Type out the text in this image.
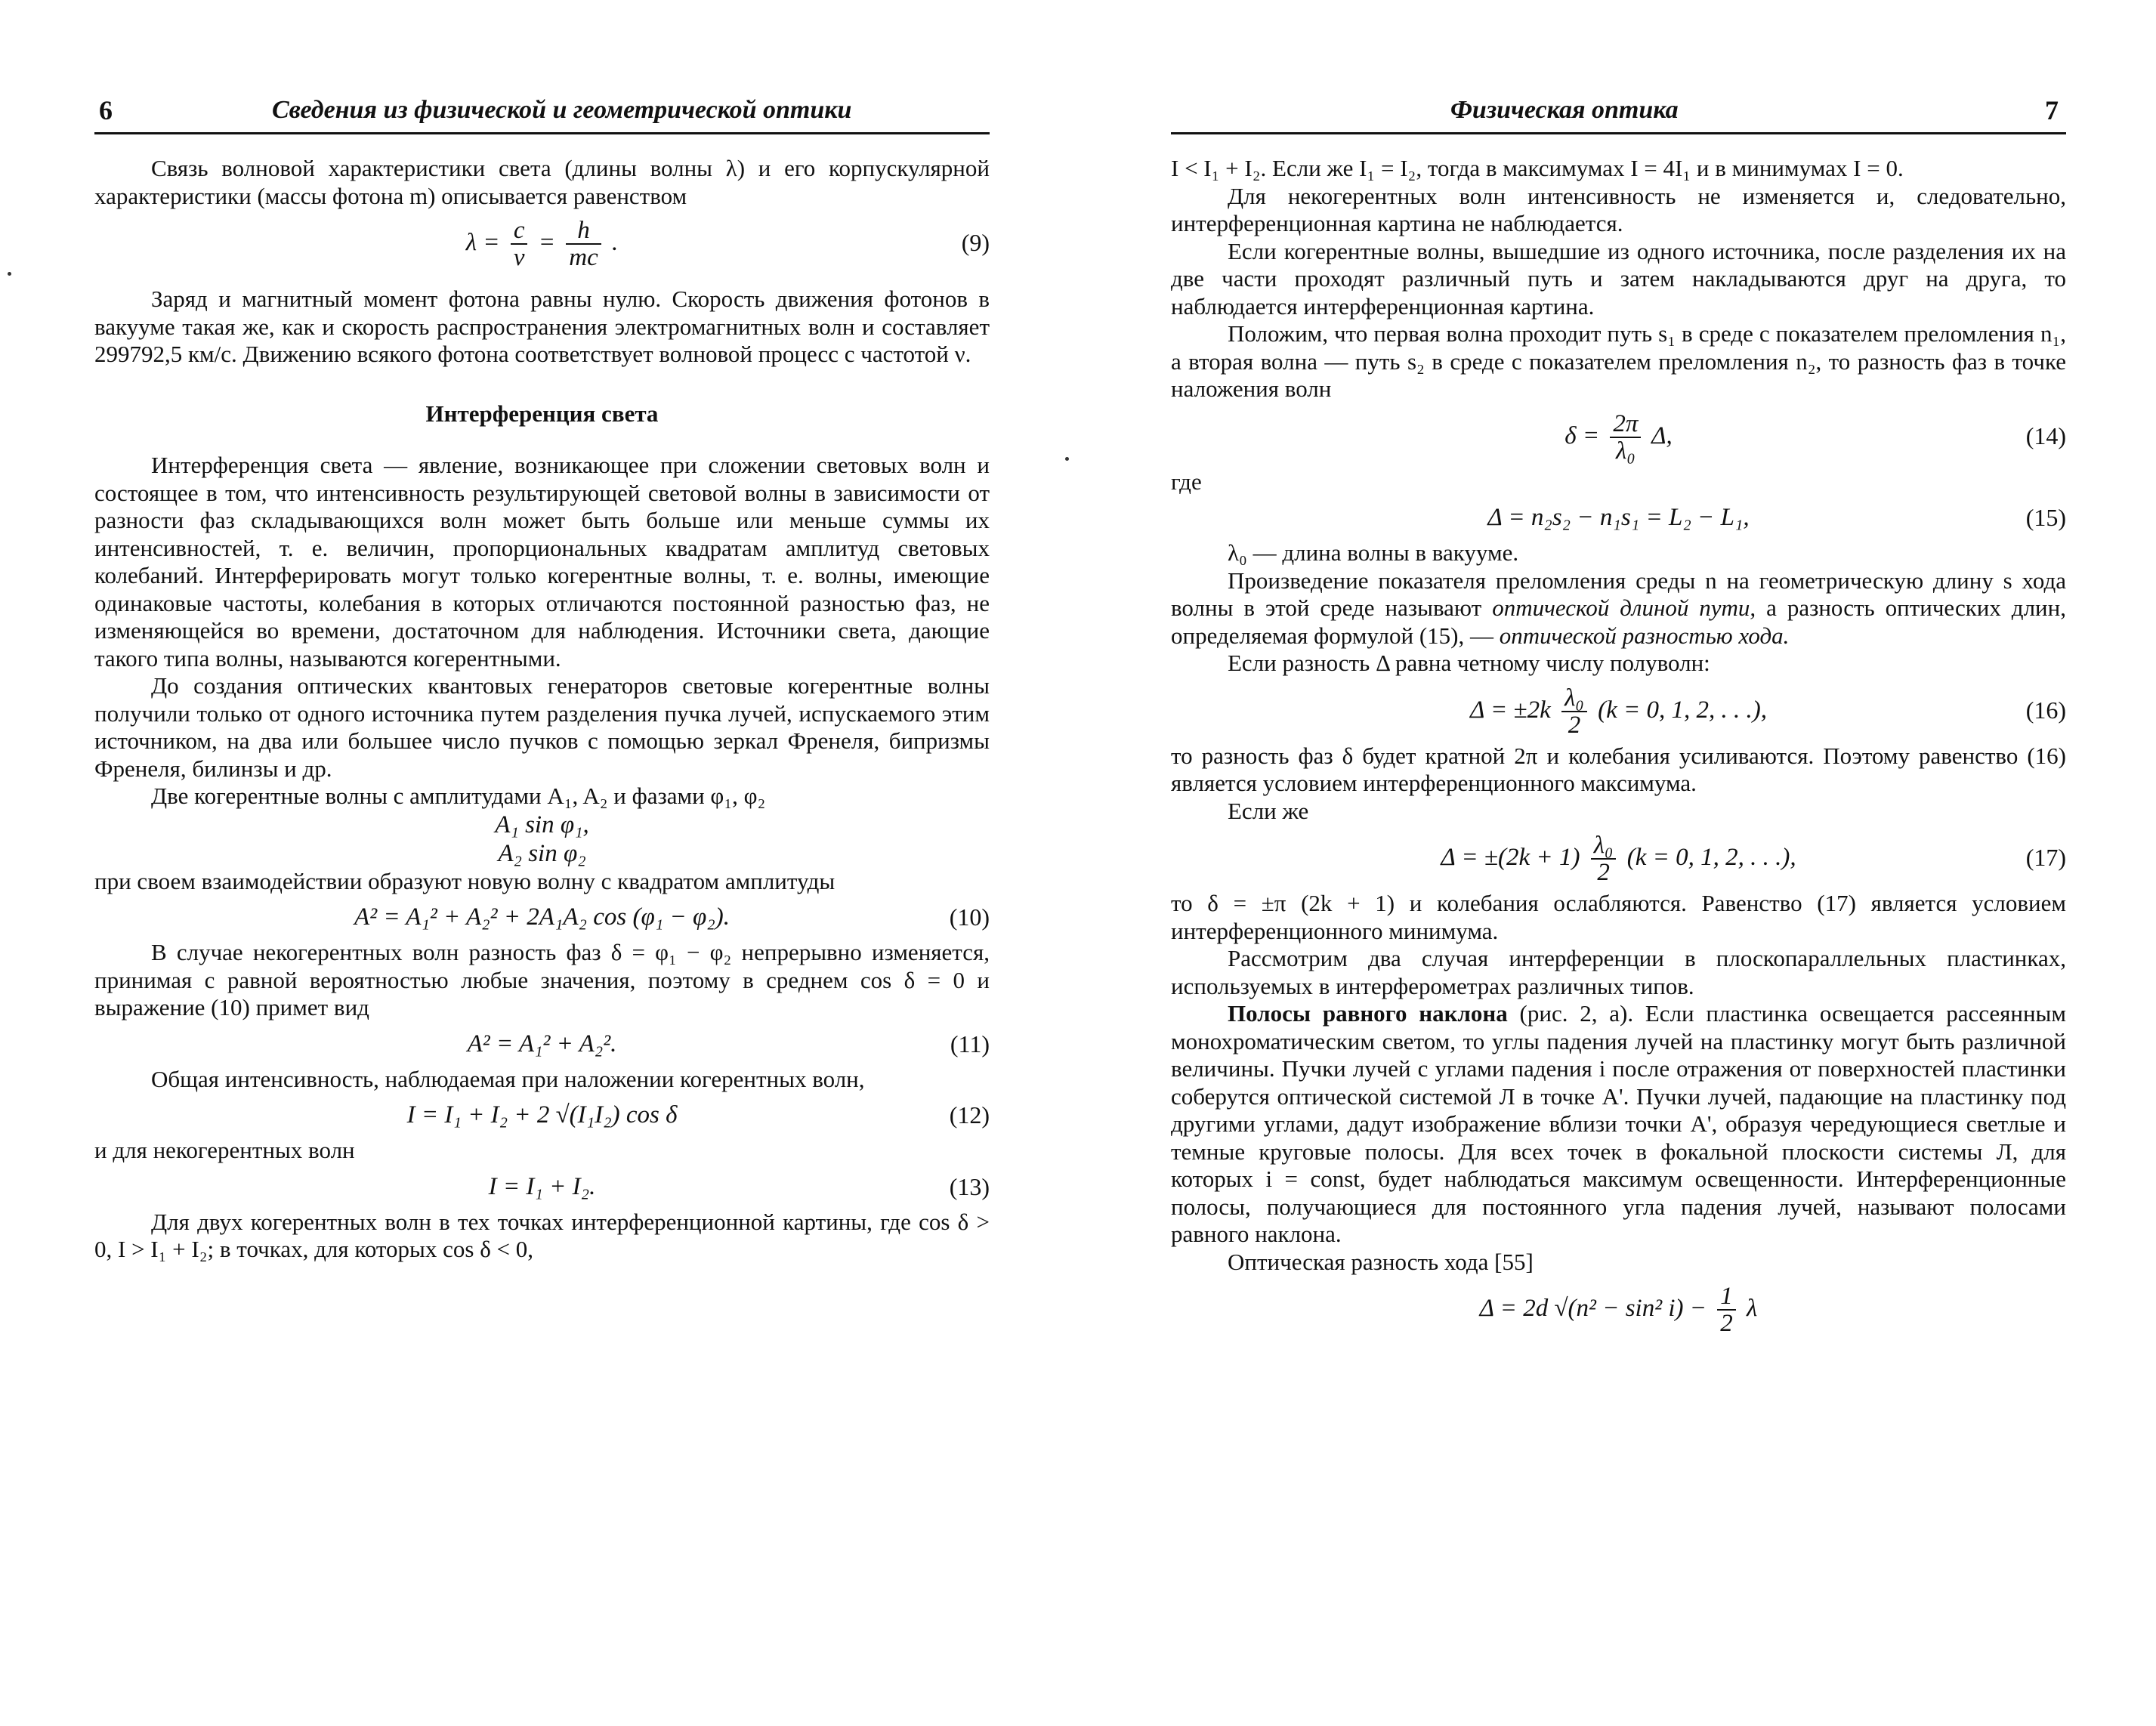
6	Сведения из физической и геометрической оптики

Связь волновой характеристики света (длины волны λ) и его корпускулярной характеристики (массы фотона m) описывается равенством

$\lambda = \frac{c}{\nu} = \frac{h}{mc}$ .	(9)

Заряд и магнитный момент фотона равны нулю. Скорость движения фотонов в вакууме такая же, как и скорость распространения электромагнитных волн и составляет 299792,5 км/с. Движению всякого фотона соответствует волновой процесс с частотой ν.

Интерференция света

Интерференция света — явление, возникающее при сложении световых волн и состоящее в том, что интенсивность результирующей световой волны в зависимости от разности фаз складывающихся волн может быть больше или меньше суммы их интенсивностей, т. е. величин, пропорциональных квадратам амплитуд световых колебаний. Интерферировать могут только когерентные волны, т. е. волны, имеющие одинаковые частоты, колебания в которых отличаются постоянной разностью фаз, не изменяющейся во времени, достаточном для наблюдения. Источники света, дающие такого типа волны, называются когерентными.

До создания оптических квантовых генераторов световые когерентные волны получили только от одного источника путем разделения пучка лучей, испускаемого этим источником, на два или большее число пучков с помощью зеркал Френеля, бипризмы Френеля, билинзы и др.

Две когерентные волны с амплитудами A₁, A₂ и фазами φ₁, φ₂

A₁ sin φ₁,
A₂ sin φ₂

при своем взаимодействии образуют новую волну с квадратом амплитуды

A² = A₁² + A₂² + 2A₁A₂ cos (φ₁ − φ₂).	(10)

В случае некогерентных волн разность фаз δ = φ₁ − φ₂ непрерывно изменяется, принимая с равной вероятностью любые значения, поэтому в среднем cos δ = 0 и выражение (10) примет вид

A² = A₁² + A₂².	(11)

Общая интенсивность, наблюдаемая при наложении когерентных волн,

I = I₁ + I₂ + 2 √(I₁I₂) cos δ	(12)

и для некогерентных волн

I = I₁ + I₂.	(13)

Для двух когерентных волн в тех точках интерференционной картины, где cos δ > 0, I > I₁ + I₂; в точках, для которых cos δ < 0,

Физическая оптика	7

I < I₁ + I₂. Если же I₁ = I₂, тогда в максимумах I = 4I₁ и в минимумах I = 0.

Для некогерентных волн интенсивность не изменяется и, следовательно, интерференционная картина не наблюдается.

Если когерентные волны, вышедшие из одного источника, после разделения их на две части проходят различный путь и затем накладываются друг на друга, то наблюдается интерференционная картина.

Положим, что первая волна проходит путь s₁ в среде с показателем преломления n₁, а вторая волна — путь s₂ в среде с показателем преломления n₂, то разность фаз в точке наложения волн

$\delta = \frac{2\pi}{\text{λ₀}} \Delta$,	(14)

где

Δ = n₂s₂ − n₁s₁ = L₂ − L₁,	(15)

λ₀ — длина волны в вакууме.

Произведение показателя преломления среды n на геометрическую длину s хода волны в этой среде называют оптической длиной пути, а разность оптических длин, определяемая формулой (15), — оптической разностью хода.

Если разность Δ равна четному числу полуволн:

$\Delta = \pm 2k \frac{\text{λ₀}}{2} (k = 0$, 1, 2, . . .),	(16)

то разность фаз δ будет кратной 2π и колебания усиливаются. Поэтому равенство (16) является условием интерференционного максимума.

Если же

$\Delta = \pm(2k + 1) \frac{\text{λ₀}}{2} (k = 0$, 1, 2, . . .),	(17)

то δ = ±π (2k + 1) и колебания ослабляются. Равенство (17) является условием интерференционного минимума.

Рассмотрим два случая интерференции в плоскопараллельных пластинках, используемых в интерферометрах различных типов.

Полосы равного наклона (рис. 2, а). Если пластинка освещается рассеянным монохроматическим светом, то углы падения лучей на пластинку могут быть различной величины. Пучки лучей с углами падения i после отражения от поверхностей пластинки соберутся оптической системой Л в точке A'. Пучки лучей, падающие на пластинку под другими углами, дадут изображение вблизи точки A', образуя чередующиеся светлые и темные круговые полосы. Для всех точек в фокальной плоскости системы Л, для которых i = const, будет наблюдаться максимум освещенности. Интерференционные полосы, получающиеся для постоянного угла падения лучей, называют полосами равного наклона.

Оптическая разность хода [55]

Δ = 2d √(n² − sin² $i) - \frac{1}{2}$ λ
